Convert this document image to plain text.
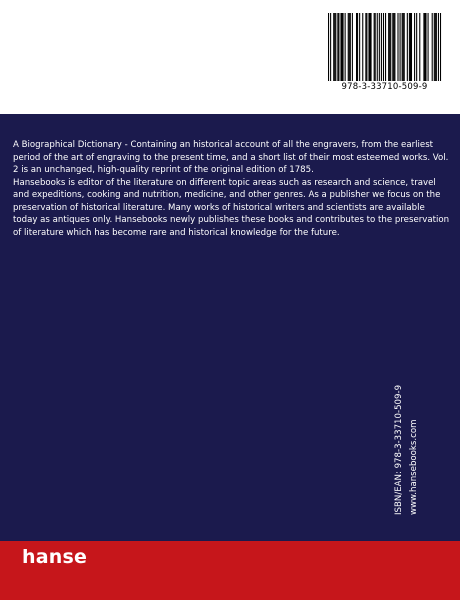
978-3-33710-509-9

A Biographical Dictionary - Containing an historical account of all the engravers, from the earliest period of the art of engraving to the present time, and a short list of their most esteemed works. Vol. 2 is an unchanged, high-quality reprint of the original edition of 1785.

Hansebooks is editor of the literature on different topic areas such as research and science, travel and expeditions, cooking and nutrition, medicine, and other genres. As a publisher we focus on the preservation of historical literature. Many works of historical writers and scientists are available today as antiques only. Hansebooks newly publishes these books and contributes to the preservation of literature which has become rare and historical knowledge for the future.

ISBN/EAN: 978-3-33710-509-9 www.hansebooks.com
hanse
